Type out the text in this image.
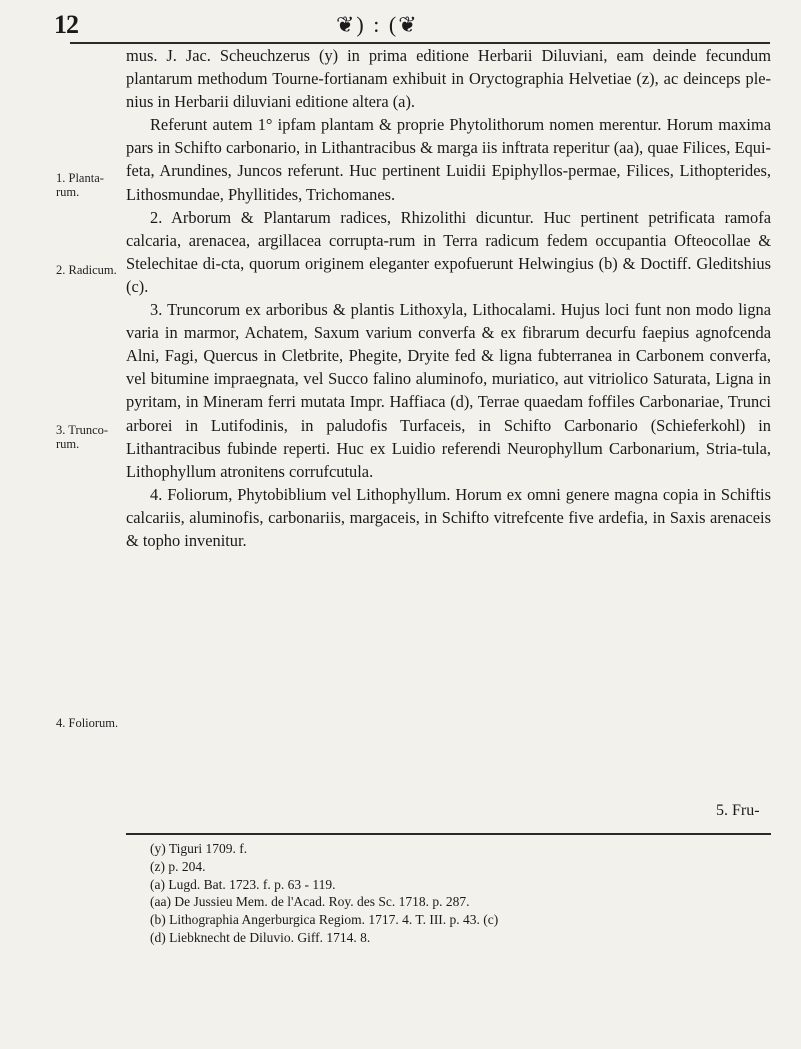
12	❦) : (❦
1. Planta-rum.
2. Radicum.
3. Trunco-rum.
4. Foliorum.

mus. J. Jac. Scheuchzerus (y) in prima editione Herbarii Diluviani, eam deinde fecundum plantarum methodum Tourne-fortianam exhibuit in Oryctographia Helvetiae (z), ac deinceps ple-nius in Herbarii diluviani editione altera (a).

Referunt autem 1° ipfam plantam & proprie Phytolithorum nomen merentur. Horum maxima pars in Schifto carbonario, in Lithantracibus & marga iis inftrata reperitur (aa), quae Filices, Equi-feta, Arundines, Juncos referunt. Huc pertinent Luidii Epiphyllos-permae, Filices, Lithopterides, Lithosmundae, Phyllitides, Trichomanes.

2. Arborum & Plantarum radices, Rhizolithi dicuntur. Huc pertinent petrificata ramofa calcaria, arenacea, argillacea corrupta-rum in Terra radicum fedem occupantia Ofteocollae & Stelechitae di-cta, quorum originem eleganter expofuerunt Helwingius (b) & Doctiff. Gleditshius (c).

3. Truncorum ex arboribus & plantis Lithoxyla, Lithocalami. Hujus loci funt non modo ligna varia in marmor, Achatem, Saxum varium converfa & ex fibrarum decurfu faepius agnofcenda Alni, Fagi, Quercus in Cletbrite, Phegite, Dryite fed & ligna fubterranea in Carbonem converfa, vel bitumine impraegnata, vel Succo falino aluminofo, muriatico, aut vitriolico Saturata, Ligna in pyritam, in Mineram ferri mutata Impr. Haffiaca (d), Terrae quaedam foffiles Carbonariae, Trunci arborei in Lutifodinis, in paludofis Turfaceis, in Schifto Carbonario (Schieferkohl) in Lithantracibus fubinde reperti. Huc ex Luidio referendi Neurophyllum Carbonarium, Stria-tula, Lithophyllum atronitens corrufcutula.

4. Foliorum, Phytobiblium vel Lithophyllum. Horum ex omni genere magna copia in Schiftis calcariis, aluminofis, carbonariis, margaceis, in Schifto vitrefcente five ardefia, in Saxis arenaceis & topho invenitur.

5. Fru-
(y) Tiguri 1709. f.
(z) p. 204.
(a) Lugd. Bat. 1723. f. p. 63 - 119.
(aa) De Jussieu Mem. de l'Acad. Roy. des Sc. 1718. p. 287.
(b) Lithographia Angerburgica Regiom. 1717. 4. T. III. p. 43. (c)
(d) Liebknecht de Diluvio. Giff. 1714. 8.
